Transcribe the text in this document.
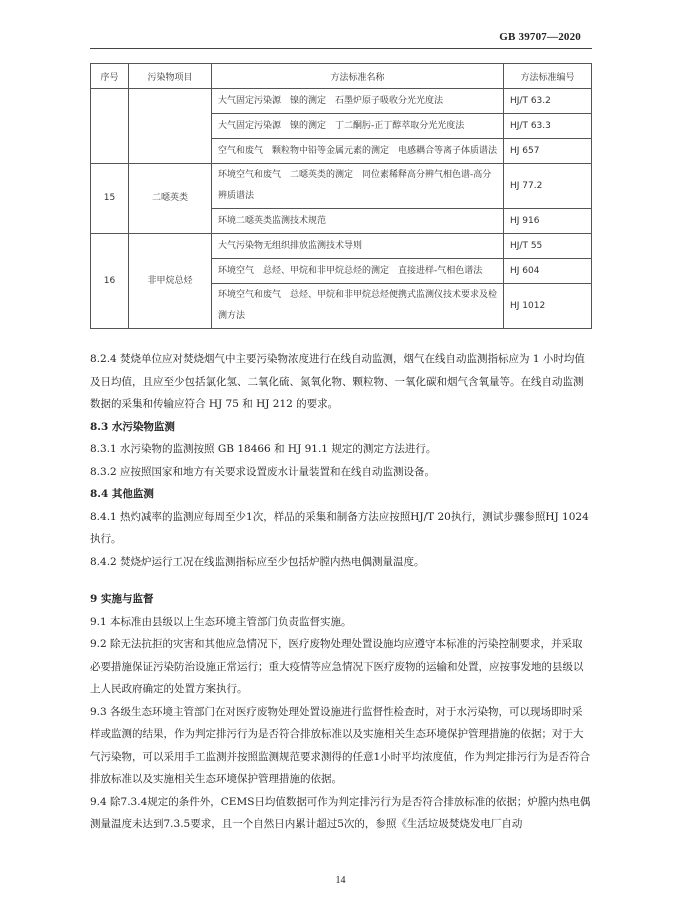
GB 39707—2020
序号	污染物项目	方法标准名称	方法标准编号
		大气固定污染源　镍的测定　石墨炉原子吸收分光光度法	HJ/T 63.2
		大气固定污染源　镍的测定　丁二酮肟-正丁醇萃取分光光度法	HJ/T 63.3
		空气和废气　颗粒物中铅等金属元素的测定　电感耦合等离子体质谱法	HJ 657
15	二噁英类	环境空气和废气　二噁英类的测定　同位素稀释高分辨气相色谱-高分辨质谱法	HJ 77.2
		环境二噁英类监测技术规范	HJ 916
16	非甲烷总烃	大气污染物无组织排放监测技术导则	HJ/T 55
		环境空气　总烃、甲烷和非甲烷总烃的测定　直接进样-气相色谱法	HJ 604
		环境空气和废气　总烃、甲烷和非甲烷总烃便携式监测仪技术要求及检测方法	HJ 1012

8.2.4 焚烧单位应对焚烧烟气中主要污染物浓度进行在线自动监测，烟气在线自动监测指标应为 1 小时均值及日均值，且应至少包括氯化氢、二氧化硫、氮氧化物、颗粒物、一氧化碳和烟气含氧量等。在线自动监测数据的采集和传输应符合 HJ 75 和 HJ 212 的要求。

8.3 水污染物监测

8.3.1 水污染物的监测按照 GB 18466 和 HJ 91.1 规定的测定方法进行。

8.3.2 应按照国家和地方有关要求设置废水计量装置和在线自动监测设备。

8.4 其他监测

8.4.1 热灼减率的监测应每周至少1次，样品的采集和制备方法应按照HJ/T 20执行，测试步骤参照HJ 1024执行。

8.4.2 焚烧炉运行工况在线监测指标应至少包括炉膛内热电偶测量温度。

9 实施与监督

9.1 本标准由县级以上生态环境主管部门负责监督实施。

9.2 除无法抗拒的灾害和其他应急情况下，医疗废物处理处置设施均应遵守本标准的污染控制要求，并采取必要措施保证污染防治设施正常运行；重大疫情等应急情况下医疗废物的运输和处置，应按事发地的县级以上人民政府确定的处置方案执行。

9.3 各级生态环境主管部门在对医疗废物处理处置设施进行监督性检查时，对于水污染物，可以现场即时采样或监测的结果，作为判定排污行为是否符合排放标准以及实施相关生态环境保护管理措施的依据；对于大气污染物，可以采用手工监测并按照监测规范要求测得的任意1小时平均浓度值，作为判定排污行为是否符合排放标准以及实施相关生态环境保护管理措施的依据。

9.4 除7.3.4规定的条件外，CEMS日均值数据可作为判定排污行为是否符合排放标准的依据；炉膛内热电偶测量温度未达到7.3.5要求，且一个自然日内累计超过5次的，参照《生活垃圾焚烧发电厂自动

14
